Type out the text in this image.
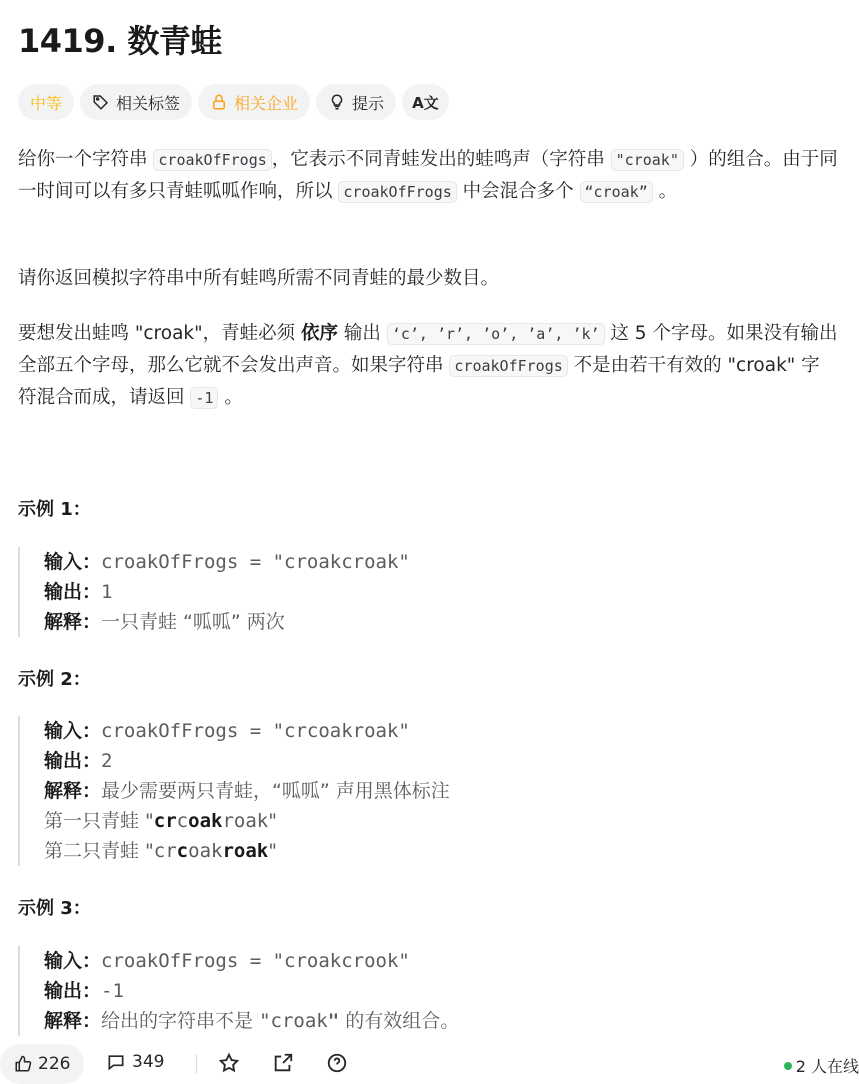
1419. 数青蛙
中等	相关标签	相关企业	提示 A文

给你一个字符串 croakOfFrogs ，它表示不同青蛙发出的蛙鸣声（字符串 "croak" ）的组合。由于同一时间可以有多只青蛙呱呱作响，所以 croakOfFrogs 中会混合多个 “croak” 。

请你返回模拟字符串中所有蛙鸣所需不同青蛙的最少数目。

要想发出蛙鸣 "croak"，青蛙必须 依序 输出 ‘c’, ’r’, ’o’, ’a’, ’k’ 这 5 个字母。如果没有输出全部五个字母，那么它就不会发出声音。如果字符串 croakOfFrogs 不是由若干有效的 "croak" 字符混合而成，请返回 -1 。

示例 1：

输入：croakOfFrogs = "croakcroak"
输出：1
解释：一只青蛙 “呱呱” 两次

示例 2：

输入：croakOfFrogs = "crcoakroak"
输出：2
解释：最少需要两只青蛙，“呱呱” 声用黑体标注
第一只青蛙 "crcoakroak"
第二只青蛙 "crcoakroak"

示例 3：

输入：croakOfFrogs = "croakcrook"
输出：-1
解释：给出的字符串不是 "croak" 的有效组合。
226	349	2 人在线
